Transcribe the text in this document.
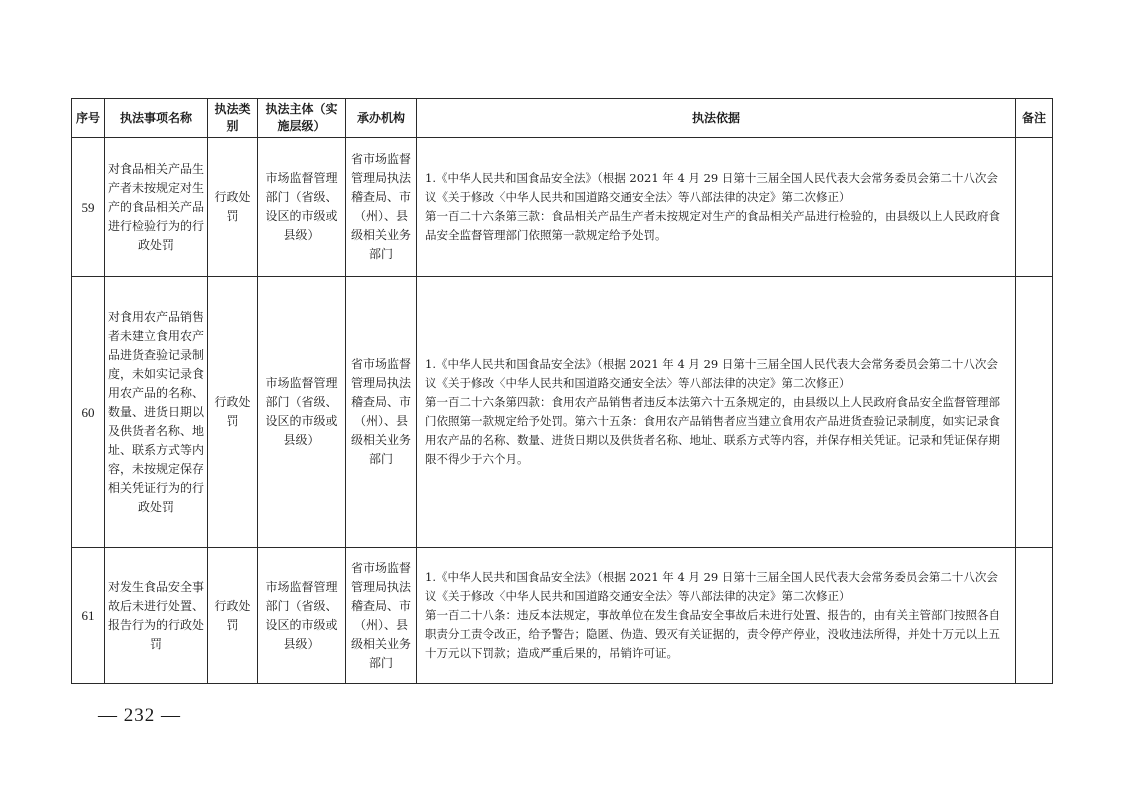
序号	执法事项名称	执法类别	执法主体（实施层级）	承办机构	执法依据	备注
59	对食品相关产品生产者未按规定对生产的食品相关产品进行检验行为的行政处罚	行政处罚	市场监督管理部门（省级、设区的市级或县级）	省市场监督管理局执法稽查局、市（州）、县级相关业务部门	1.《中华人民共和国食品安全法》（根据 2021 年 4 月 29 日第十三届全国人民代表大会常务委员会第二十八次会议《关于修改〈中华人民共和国道路交通安全法〉等八部法律的决定》第二次修正）
第一百二十六条第三款：食品相关产品生产者未按规定对生产的食品相关产品进行检验的，由县级以上人民政府食品安全监督管理部门依照第一款规定给予处罚。	

60	对食用农产品销售者未建立食用农产品进货查验记录制度，未如实记录食用农产品的名称、数量、进货日期以及供货者名称、地址、联系方式等内容，未按规定保存相关凭证行为的行政处罚	行政处罚	市场监督管理部门（省级、设区的市级或县级）	省市场监督管理局执法稽查局、市（州）、县级相关业务部门	1.《中华人民共和国食品安全法》（根据 2021 年 4 月 29 日第十三届全国人民代表大会常务委员会第二十八次会议《关于修改〈中华人民共和国道路交通安全法〉等八部法律的决定》第二次修正）
第一百二十六条第四款：食用农产品销售者违反本法第六十五条规定的，由县级以上人民政府食品安全监督管理部门依照第一款规定给予处罚。第六十五条：食用农产品销售者应当建立食用农产品进货查验记录制度，如实记录食用农产品的名称、数量、进货日期以及供货者名称、地址、联系方式等内容，并保存相关凭证。记录和凭证保存期限不得少于六个月。	

61	对发生食品安全事故后未进行处置、报告行为的行政处罚	行政处罚	市场监督管理部门（省级、设区的市级或县级）	省市场监督管理局执法稽查局、市（州）、县级相关业务部门	1.《中华人民共和国食品安全法》（根据 2021 年 4 月 29 日第十三届全国人民代表大会常务委员会第二十八次会议《关于修改〈中华人民共和国道路交通安全法〉等八部法律的决定》第二次修正）
第一百二十八条：违反本法规定，事故单位在发生食品安全事故后未进行处置、报告的，由有关主管部门按照各自职责分工责令改正，给予警告；隐匿、伪造、毁灭有关证据的，责令停产停业，没收违法所得，并处十万元以上五十万元以下罚款；造成严重后果的，吊销许可证。	

— 232 —
